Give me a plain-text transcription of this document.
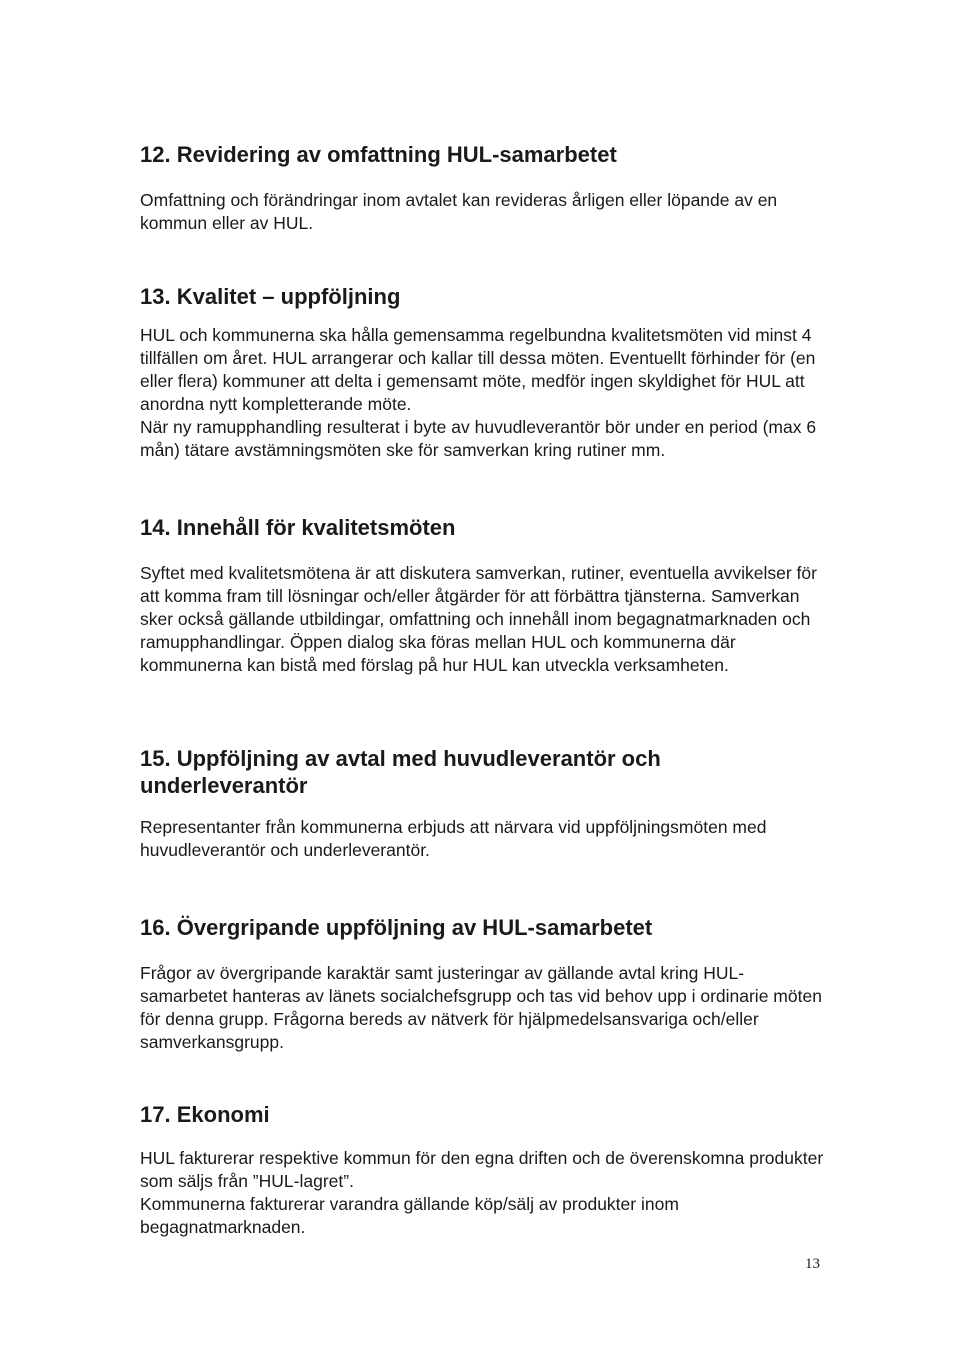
12. Revidering av omfattning HUL-samarbetet

Omfattning och förändringar inom avtalet kan revideras årligen eller löpande av en kommun eller av HUL.

13. Kvalitet – uppföljning

HUL och kommunerna ska hålla gemensamma regelbundna kvalitetsmöten vid minst 4 tillfällen om året. HUL arrangerar och kallar till dessa möten. Eventuellt förhinder för (en eller flera) kommuner att delta i gemensamt möte, medför ingen skyldighet för HUL att anordna nytt kompletterande möte.

När ny ramupphandling resulterat i byte av huvudleverantör bör under en period (max 6 mån) tätare avstämningsmöten ske för samverkan kring rutiner mm.

14. Innehåll för kvalitetsmöten

Syftet med kvalitetsmötena är att diskutera samverkan, rutiner, eventuella avvikelser för att komma fram till lösningar och/eller åtgärder för att förbättra tjänsterna. Samverkan sker också gällande utbildingar, omfattning och innehåll inom begagnatmarknaden och ramupphandlingar. Öppen dialog ska föras mellan HUL och kommunerna där kommunerna kan bistå med förslag på hur HUL kan utveckla verksamheten.

15. Uppföljning av avtal med huvudleverantör och underleverantör

Representanter från kommunerna erbjuds att närvara vid uppföljningsmöten med huvudleverantör och underleverantör.

16. Övergripande uppföljning av HUL-samarbetet

Frågor av övergripande karaktär samt justeringar av gällande avtal kring HUL-samarbetet hanteras av länets socialchefsgrupp och tas vid behov upp i ordinarie möten för denna grupp. Frågorna bereds av nätverk för hjälpmedelsansvariga och/eller samverkansgrupp.

17. Ekonomi

HUL fakturerar respektive kommun för den egna driften och de överenskomna produkter som säljs från ”HUL-lagret”.

Kommunerna fakturerar varandra gällande köp/sälj av produkter inom begagnatmarknaden.

13
